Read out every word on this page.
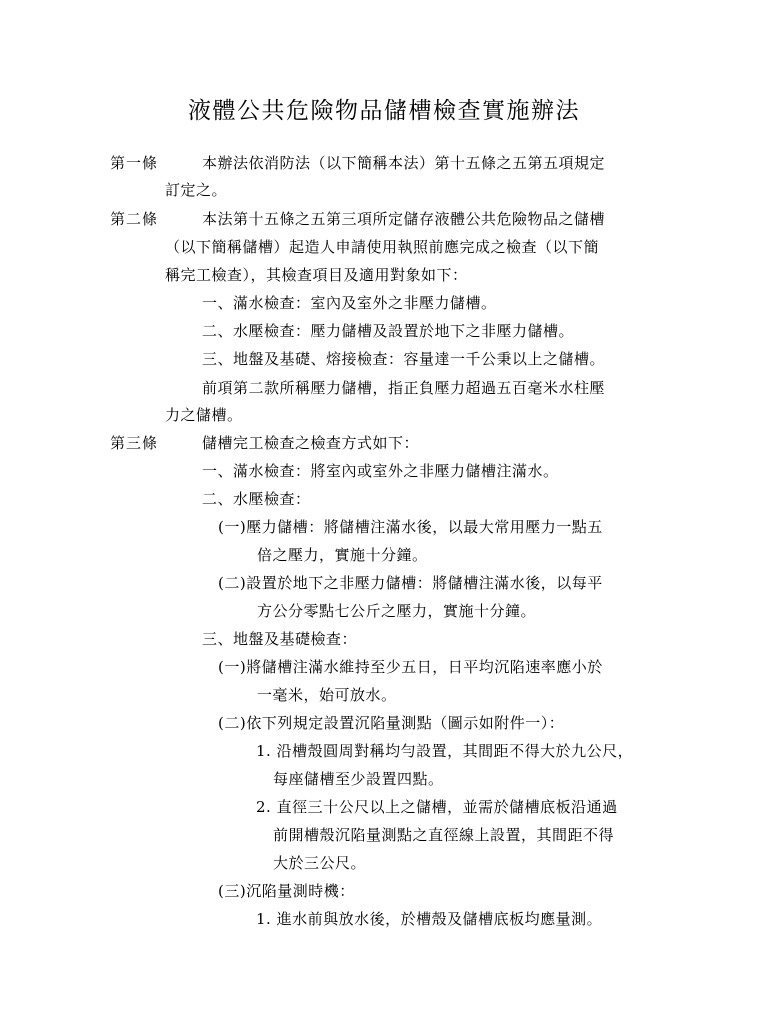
液體公共危險物品儲槽檢查實施辦法
第一條	本辦法依消防法（以下簡稱本法）第十五條之五第五項規定
訂定之。
第二條	本法第十五條之五第三項所定儲存液體公共危險物品之儲槽
（以下簡稱儲槽）起造人申請使用執照前應完成之檢查（以下簡
稱完工檢查），其檢查項目及適用對象如下：
一、滿水檢查：室內及室外之非壓力儲槽。
二、水壓檢查：壓力儲槽及設置於地下之非壓力儲槽。
三、地盤及基礎、熔接檢查：容量達一千公秉以上之儲槽。
前項第二款所稱壓力儲槽，指正負壓力超過五百毫米水柱壓
力之儲槽。
第三條	儲槽完工檢查之檢查方式如下：
一、滿水檢查：將室內或室外之非壓力儲槽注滿水。
二、水壓檢查：
(一)壓力儲槽：將儲槽注滿水後，以最大常用壓力一點五
倍之壓力，實施十分鐘。
(二)設置於地下之非壓力儲槽：將儲槽注滿水後，以每平
方公分零點七公斤之壓力，實施十分鐘。
三、地盤及基礎檢查：
(一)將儲槽注滿水維持至少五日，日平均沉陷速率應小於
一毫米，始可放水。
(二)依下列規定設置沉陷量測點（圖示如附件一）：
1. 沿槽殼圓周對稱均勻設置，其間距不得大於九公尺，
每座儲槽至少設置四點。
2. 直徑三十公尺以上之儲槽，並需於儲槽底板沿通過
前開槽殼沉陷量測點之直徑線上設置，其間距不得
大於三公尺。
(三)沉陷量測時機：
1. 進水前與放水後，於槽殼及儲槽底板均應量測。
